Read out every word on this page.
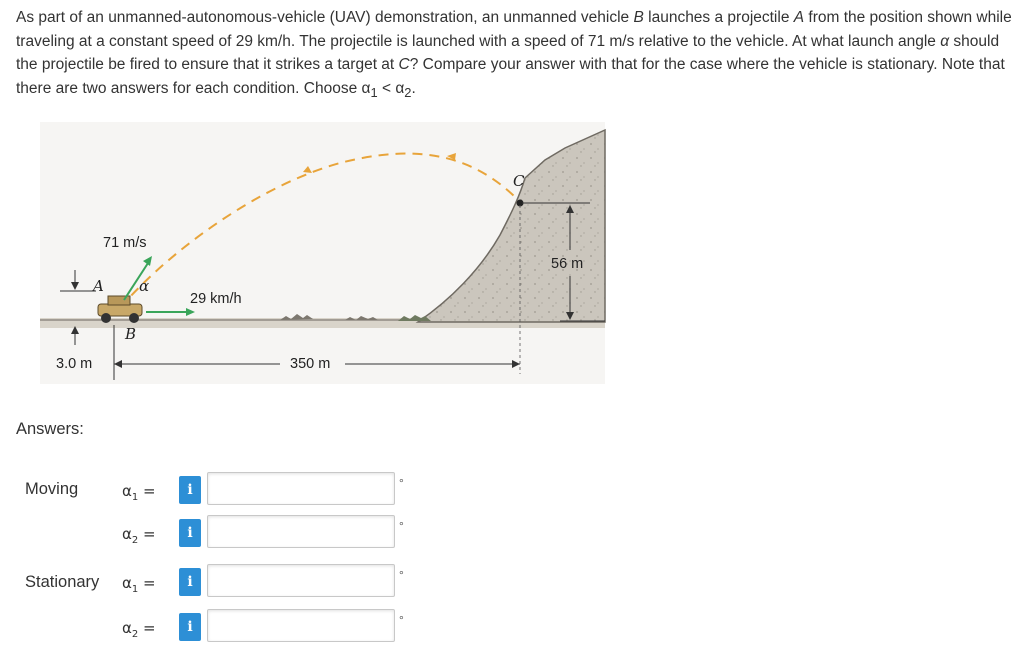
As part of an unmanned-autonomous-vehicle (UAV) demonstration, an unmanned vehicle B launches a projectile A from the position shown while traveling at a constant speed of 29 km/h. The projectile is launched with a speed of 71 m/s relative to the vehicle. At what launch angle α should the projectile be fired to ensure that it strikes a target at C? Compare your answer with that for the case where the vehicle is stationary. Note that there are two answers for each condition. Choose $\alpha_1 < \alpha_2$.

C
71 m/s
A α
B
29 km/h
3.0 m	350 m
56 m
Answers:
Moving	$\alpha_1$ =	i	°
$\alpha_2$ =	i	°
Stationary $\alpha_1$ =	i	°
$\alpha_2$ =	i	°
